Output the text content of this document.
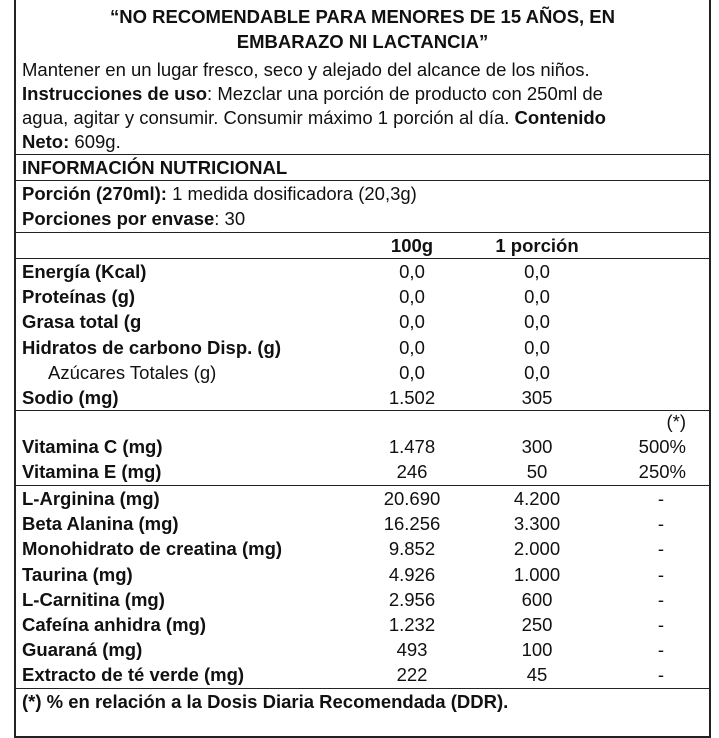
“NO RECOMENDABLE PARA MENORES DE 15 AÑOS, EN
EMBARAZO NI LACTANCIA”
Mantener en un lugar fresco, seco y alejado del alcance de los niños.
Instrucciones de uso: Mezclar una porción de producto con 250ml de
agua, agitar y consumir. Consumir máximo 1 porción al día. Contenido
Neto: 609g.
INFORMACIÓN NUTRICIONAL
Porción (270ml): 1 medida dosificadora (20,3g)
Porciones por envase: 30
100g	1 porción
Energía (Kcal)	0,0	0,0
Proteínas (g)	0,0	0,0
Grasa total (g	0,0	0,0
Hidratos de carbono Disp. (g)	0,0	0,0
Azúcares Totales (g)	0,0	0,0
Sodio (mg)	1.502	305
(*)
Vitamina C (mg)	1.478	300	500%
Vitamina E (mg)	246	50	250%
L-Arginina (mg)	20.690	4.200	-
Beta Alanina (mg)	16.256	3.300	-
Monohidrato de creatina (mg)	9.852	2.000	-
Taurina (mg)	4.926	1.000	-
L-Carnitina (mg)	2.956	600	-
Cafeína anhidra (mg)	1.232	250	-
Guaraná (mg)	493	100	-
Extracto de té verde (mg)	222	45	-
(*) % en relación a la Dosis Diaria Recomendada (DDR).
